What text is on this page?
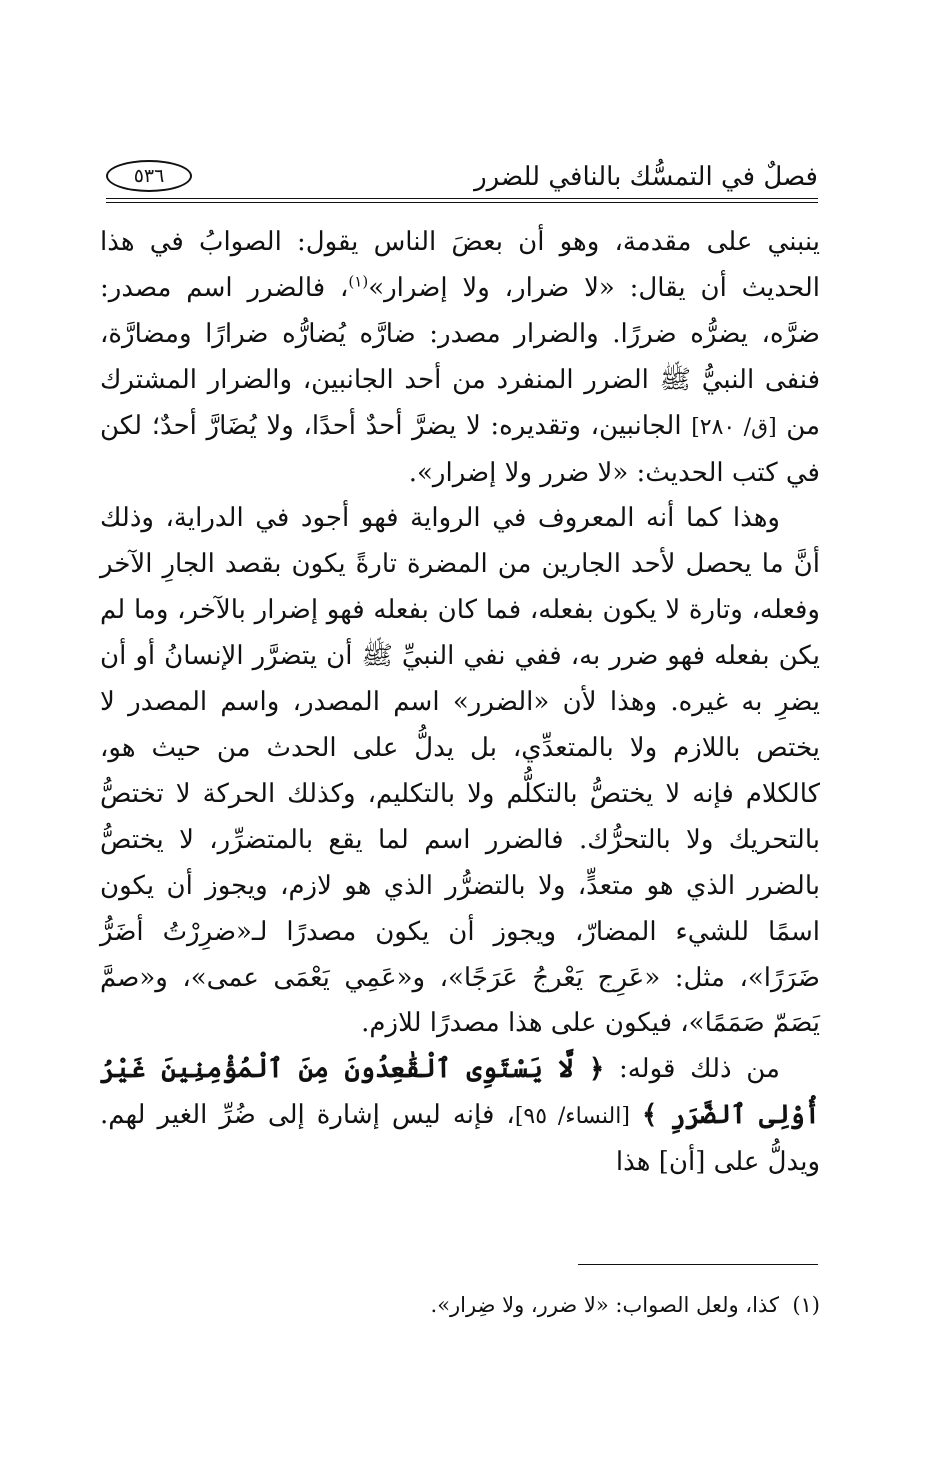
فصلٌ في التمسُّك بالنافي للضرر
٥٣٦

ينبني على مقدمة، وهو أن بعضَ الناس يقول: الصوابُ في هذا الحديث أن يقال: «لا ضرار، ولا إضرار»$^{(١)}$، فالضرر اسم مصدر: ضرَّه، يضرُّه ضررًا. والضرار مصدر: ضارَّه يُضارُّه ضرارًا ومضارَّة، فنفى النبيُّ ﷺ الضرر المنفرد من أحد الجانبين، والضرار المشترك من [ق/ ٢٨٠] الجانبين، وتقديره: لا يضرَّ أحدٌ أحدًا، ولا يُضَارَّ أحدٌ؛ لكن في كتب الحديث: «لا ضرر ولا إضرار».

وهذا كما أنه المعروف في الرواية فهو أجود في الدراية، وذلك أنَّ ما يحصل لأحد الجارين من المضرة تارةً يكون بقصد الجارِ الآخر وفعله، وتارة لا يكون بفعله، فما كان بفعله فهو إضرار بالآخر، وما لم يكن بفعله فهو ضرر به، ففي نفي النبيِّ ﷺ أن يتضرَّر الإنسانُ أو أن يضرِ به غيره. وهذا لأن «الضرر» اسم المصدر، واسم المصدر لا يختص باللازم ولا بالمتعدِّي، بل يدلُّ على الحدث من حيث هو، كالكلام فإنه لا يختصُّ بالتكلُّم ولا بالتكليم، وكذلك الحركة لا تختصُّ بالتحريك ولا بالتحرُّك. فالضرر اسم لما يقع بالمتضرِّر، لا يختصُّ بالضرر الذي هو متعدٍّ، ولا بالتضرُّر الذي هو لازم، ويجوز أن يكون اسمًا للشيء المضارّ، ويجوز أن يكون مصدرًا لـ«ضرِرْتُ أضَرُّ ضَرَرًا»، مثل: «عَرِج يَعْرجُ عَرَجًا»، و«عَمِي يَعْمَى عمى»، و«صمَّ يَصَمّ صَمَمًا»، فيكون على هذا مصدرًا للازم.

من ذلك قوله: ﴿ لَّا يَسْتَوِى ٱلْقَٰعِدُونَ مِنَ ٱلْمُؤْمِنِينَ غَيْرُ أُوْلِى ٱلضَّرَرِ ﴾ [النساء/ ٩٥]، فإنه ليس إشارة إلى ضُرِّ الغير لهم. ويدلُّ على [أن] هذا

(١)  كذا، ولعل الصواب: «لا ضرر، ولا ضِرار».
